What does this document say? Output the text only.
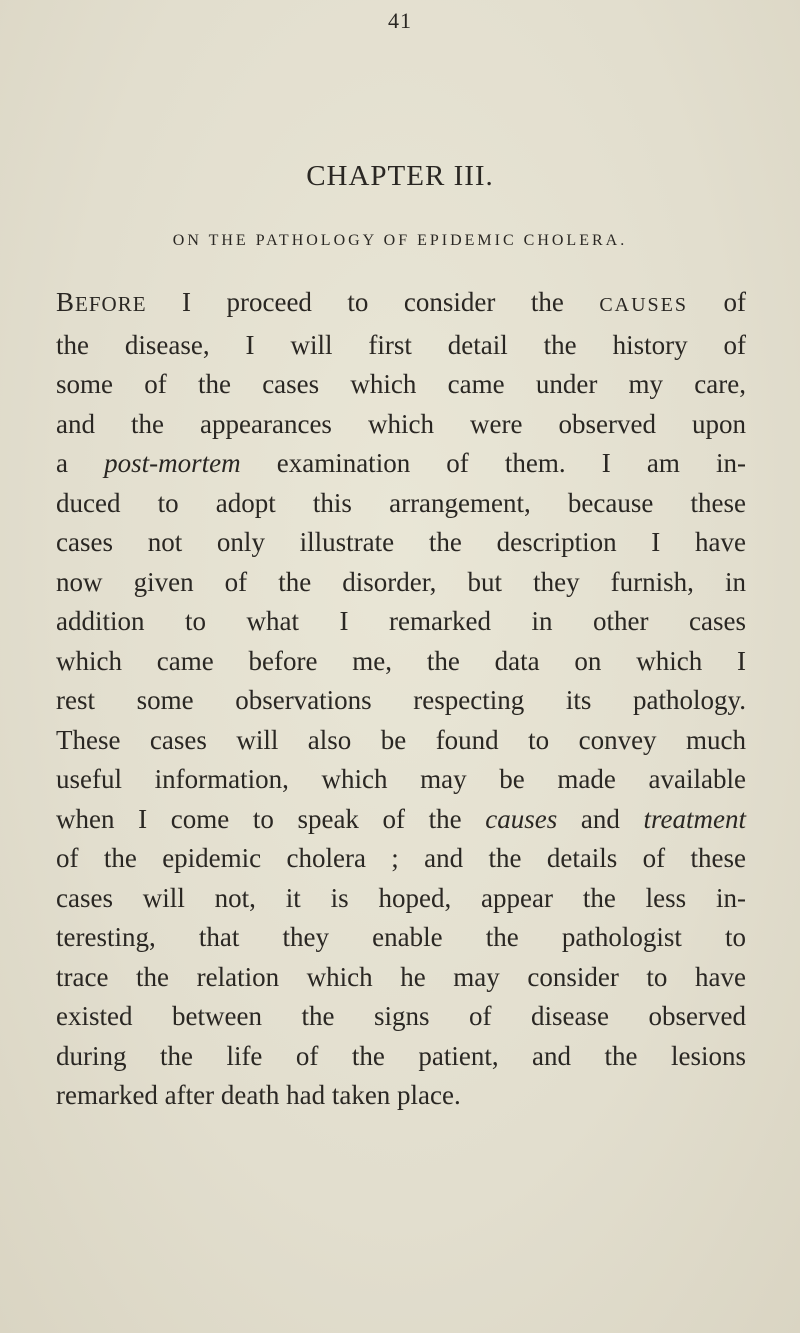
41
CHAPTER III.
ON THE PATHOLOGY OF EPIDEMIC CHOLERA.
BEFORE I proceed to consider the CAUSES of
the disease, I will first detail the history of
some of the cases which came under my care,
and the appearances which were observed upon
a post-mortem examination of them. I am in-
duced to adopt this arrangement, because these
cases not only illustrate the description I have
now given of the disorder, but they furnish, in
addition to what I remarked in other cases
which came before me, the data on which I
rest some observations respecting its pathology.
These cases will also be found to convey much
useful information, which may be made available
when I come to speak of the causes and treatment
of the epidemic cholera ; and the details of these
cases will not, it is hoped, appear the less in-
teresting, that they enable the pathologist to
trace the relation which he may consider to have
existed between the signs of disease observed
during the life of the patient, and the lesions
remarked after death had taken place.
